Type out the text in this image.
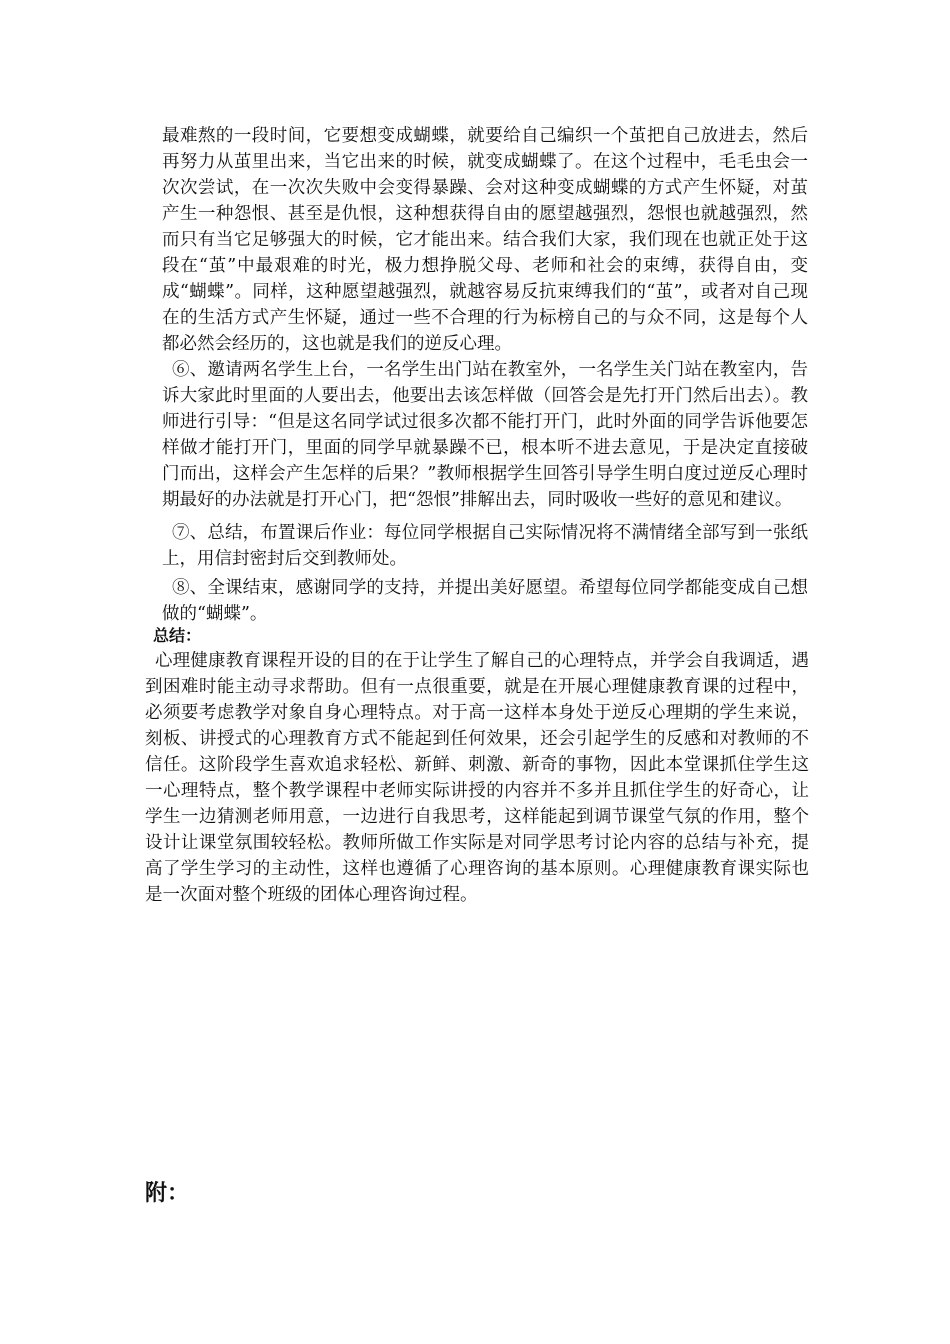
最难熬的一段时间，它要想变成蝴蝶，就要给自己编织一个茧把自己放进去，然后再努力从茧里出来，当它出来的时候，就变成蝴蝶了。在这个过程中，毛毛虫会一次次尝试，在一次次失败中会变得暴躁、会对这种变成蝴蝶的方式产生怀疑，对茧产生一种怨恨、甚至是仇恨，这种想获得自由的愿望越强烈，怨恨也就越强烈，然而只有当它足够强大的时候，它才能出来。结合我们大家，我们现在也就正处于这段在“茧”中最艰难的时光，极力想挣脱父母、老师和社会的束缚，获得自由，变成“蝴蝶”。同样，这种愿望越强烈，就越容易反抗束缚我们的“茧”，或者对自己现在的生活方式产生怀疑，通过一些不合理的行为标榜自己的与众不同，这是每个人都必然会经历的，这也就是我们的逆反心理。

⑥、邀请两名学生上台，一名学生出门站在教室外，一名学生关门站在教室内，告诉大家此时里面的人要出去，他要出去该怎样做（回答会是先打开门然后出去）。教师进行引导：“但是这名同学试过很多次都不能打开门，此时外面的同学告诉他要怎样做才能打开门，里面的同学早就暴躁不已，根本听不进去意见，于是决定直接破门而出，这样会产生怎样的后果？”教师根据学生回答引导学生明白度过逆反心理时期最好的办法就是打开心门，把“怨恨”排解出去，同时吸收一些好的意见和建议。

⑦、总结，布置课后作业：每位同学根据自己实际情况将不满情绪全部写到一张纸上，用信封密封后交到教师处。

⑧、全课结束，感谢同学的支持，并提出美好愿望。希望每位同学都能变成自己想做的“蝴蝶”。

总结：

心理健康教育课程开设的目的在于让学生了解自己的心理特点，并学会自我调适，遇到困难时能主动寻求帮助。但有一点很重要，就是在开展心理健康教育课的过程中，必须要考虑教学对象自身心理特点。对于高一这样本身处于逆反心理期的学生来说，刻板、讲授式的心理教育方式不能起到任何效果，还会引起学生的反感和对教师的不信任。这阶段学生喜欢追求轻松、新鲜、刺激、新奇的事物，因此本堂课抓住学生这一心理特点，整个教学课程中老师实际讲授的内容并不多并且抓住学生的好奇心，让学生一边猜测老师用意，一边进行自我思考，这样能起到调节课堂气氛的作用，整个设计让课堂氛围较轻松。教师所做工作实际是对同学思考讨论内容的总结与补充，提高了学生学习的主动性，这样也遵循了心理咨询的基本原则。心理健康教育课实际也是一次面对整个班级的团体心理咨询过程。

附：
